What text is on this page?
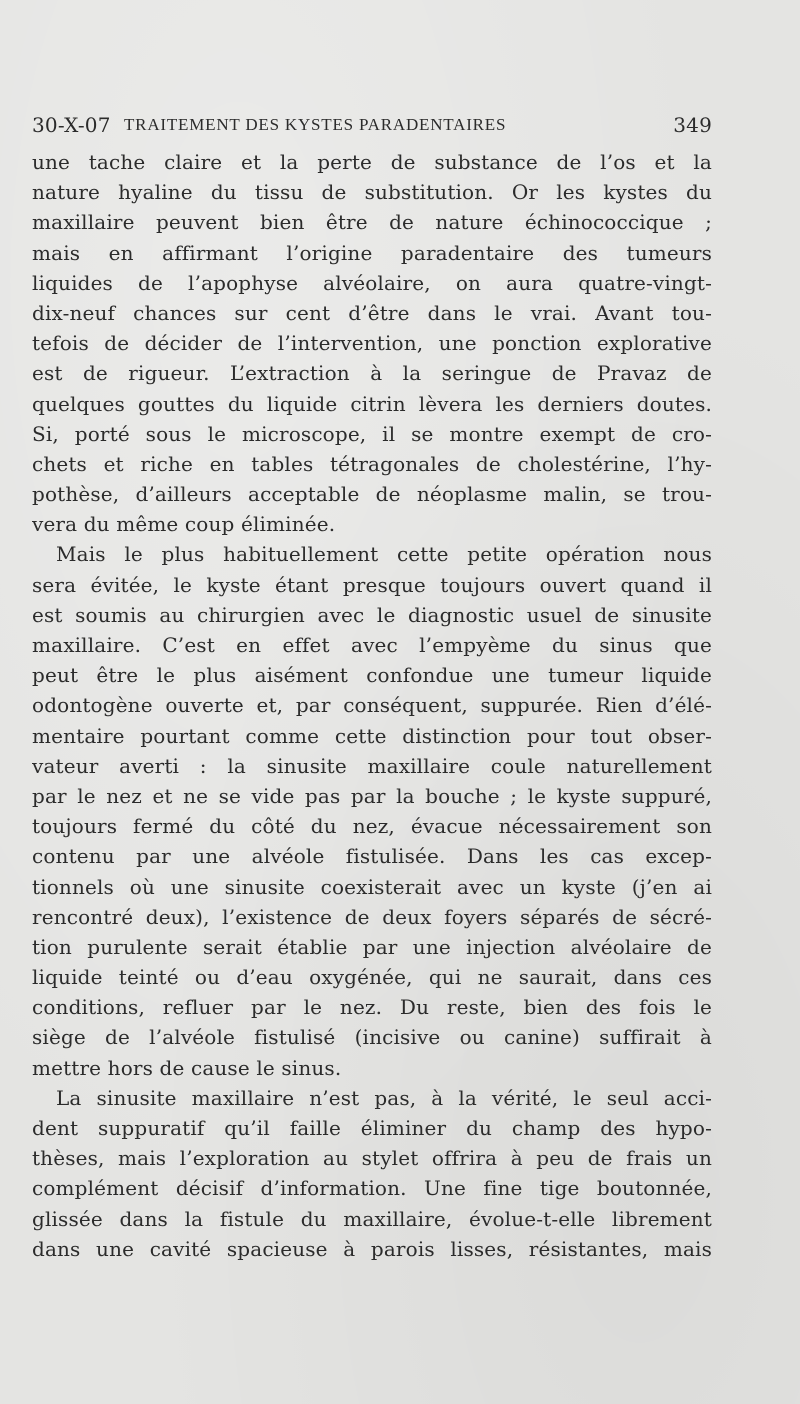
30-X-07 TRAITEMENT DES KYSTES PARADENTAIRES	349
une tache claire et la perte de substance de l’os et la
nature hyaline du tissu de substitution. Or les kystes du
maxillaire peuvent bien être de nature échinococcique ;
mais en affirmant l’origine paradentaire des tumeurs
liquides de l’apophyse alvéolaire, on aura quatre-vingt-
dix-neuf chances sur cent d’être dans le vrai. Avant tou-
tefois de décider de l’intervention, une ponction explorative
est de rigueur. L’extraction à la seringue de Pravaz de
quelques gouttes du liquide citrin lèvera les derniers doutes.
Si, porté sous le microscope, il se montre exempt de cro-
chets et riche en tables tétragonales de cholestérine, l’hy-
pothèse, d’ailleurs acceptable de néoplasme malin, se trou-
vera du même coup éliminée.
Mais le plus habituellement cette petite opération nous
sera évitée, le kyste étant presque toujours ouvert quand il
est soumis au chirurgien avec le diagnostic usuel de sinusite
maxillaire. C’est en effet avec l’empyème du sinus que
peut être le plus aisément confondue une tumeur liquide
odontogène ouverte et, par conséquent, suppurée. Rien d’élé-
mentaire pourtant comme cette distinction pour tout obser-
vateur averti : la sinusite maxillaire coule naturellement
par le nez et ne se vide pas par la bouche ; le kyste suppuré,
toujours fermé du côté du nez, évacue nécessairement son
contenu par une alvéole fistulisée. Dans les cas excep-
tionnels où une sinusite coexisterait avec un kyste (j’en ai
rencontré deux), l’existence de deux foyers séparés de sécré-
tion purulente serait établie par une injection alvéolaire de
liquide teinté ou d’eau oxygénée, qui ne saurait, dans ces
conditions, refluer par le nez. Du reste, bien des fois le
siège de l’alvéole fistulisé (incisive ou canine) suffirait à
mettre hors de cause le sinus.
La sinusite maxillaire n’est pas, à la vérité, le seul acci-
dent suppuratif qu’il faille éliminer du champ des hypo-
thèses, mais l’exploration au stylet offrira à peu de frais un
complément décisif d’information. Une fine tige boutonnée,
glissée dans la fistule du maxillaire, évolue-t-elle librement
dans une cavité spacieuse à parois lisses, résistantes, mais
